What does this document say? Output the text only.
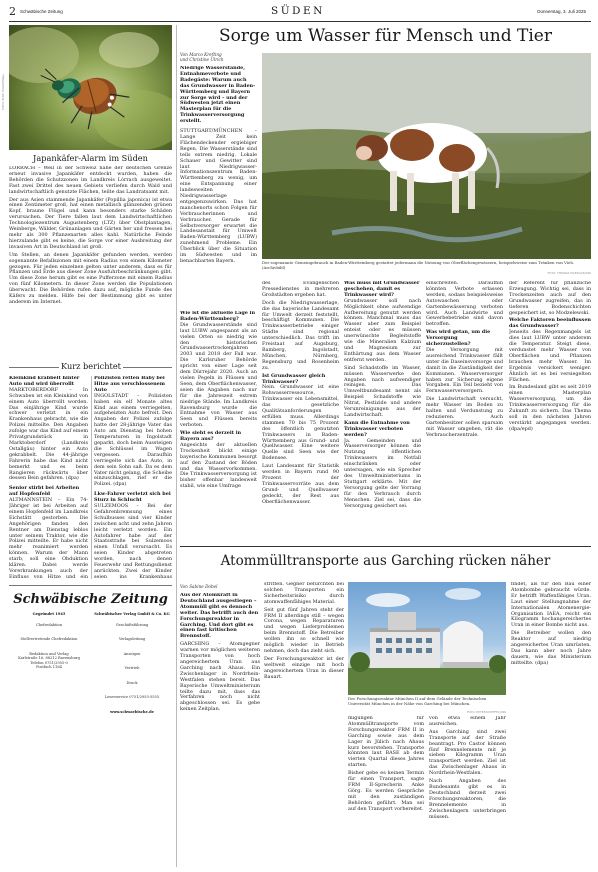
2 Schwäbische Zeitung	SÜDEN	Donnerstag, 3. Juli 2025
FOTO: ELKE STAIGER/dpa
Japankäfer-Alarm im Süden

LÖRRACH – Weil in der Schweiz nahe der deutschen Grenze erneut invasive Japankäfer entdeckt wurden, haben die Behörden die Schutzzonen im Landkreis Lörrach ausgeweitet. Fast zwei Drittel des neuen Gebiets verliefen durch Wald und landwirtschaftlich genutzte Flächen, teilte das Landratsamt mit.

Der aus Asien stammende Japankäfer (Popillia japonica) ist etwa einen Zentimeter groß, hat einen metallisch glänzenden grünen Kopf, braune Flügel und kann besonders starke Schäden verursachen. Der Tiere fallen laut dem Landwirtschaftlichen Technologiezentrum Augustenberg (LTZ) über Obstplantagen, Weinberge, Wälder, Grünanlagen und Gärten her und fressen bei mehr als 300 Pflanzenarten alles kahl. Natürliche Feinde hierzulande gibt es keine, die Sorge vor einer Ausbreitung der invasiven Art in Deutschland ist groß.

Um Stellen, an denen Japankäfer gefunden werden, werden sogenannte Befallszonen mit einem Radius von einem Kilometer gezogen. Für jeden einzelnen gelten unter anderem, dass es für Pflanzen und Erde aus dieser Zone Ausfuhrbeschränkungen gibt. Um diese Zone herum gibt es eine Pufferzone mit einem Radius von fünf Kilometern. In dieser Zone werden die Populationen überwacht. Die Behörden rufen dazu auf, mögliche Funde des Käfers zu melden. Hilfe bei der Bestimmung gibt es unter anderem im Internet.

Kurz berichtet
Kleinkind krabbelt hinter Auto und wird überrollt
MARKTOBERDORF – In Schwaben ist ein Kleinkind von einem Auto überrollt worden. Das einjährige Kind wurde schwer verletzt in ein Krankenhaus gebracht, wie die Polizei mitteilte. Den Angaben zufolge war das Kind auf einem Privatgrundstück in Marktoberdorf (Landkreis Ostallgäu) hinter ein Auto gekrabbelt. Die 44-jährige Fahrerin habe das Kind nicht bemerkt und es beim Rangieren rückwärts über dessen Bein gefahren. (dpa)
Senior stirbt bei Arbeiten auf Hopfenfeld
ALTMANNSTEIN – Ein 74-Jähriger ist bei Arbeiten auf einem Hopfenfeld im Landkreis Eichstätt gestorben. Die Angehörigen fanden den Rentner am Dienstag leblos unter seinem Traktor, wie die Polizei mitteilte. Er habe nicht mehr reanimiert werden können. Warum der Mann starb, soll eine Obduktion klären. Dabei werde Vorerkrankungen auch der Einfluss von Hitze und ein
Polizisten retten Baby bei Hitze aus verschlossenem Auto
INGOLSTADT – Polizisten haben ein elf Monate altes Kind aus einem verriegelten, aufgeheizten Auto befreit. Den Angaben der Polizei zufolge hatte der 28-jährige Vater das Auto am Dienstag bei hohen Temperaturen in Ingolstadt geparkt, doch beim Aussteigen die Schlüssel im Wagen vergessen. Daraufhin verriegelte sich das Auto, in dem sein Sohn saß. Da es dem Vater nicht gelang, die Scheibe einzuschlagen, rief er die Polizei. (dpa)
Lkw-Fahrer verletzt sich bei Sturz in Schlucht
SULZEMOOS – Bei der Gefahrenbremsung eines Schulbusses sind vier Kinder zwischen acht und zehn Jahren leicht verletzt worden. Ein Autofahrer habe auf der Staatsstraße bei Sulzemoos einen Unfall verursacht. Es seien Kinder abgetreten worden, nach denen Feuerwehr und Rettungsdienst anrückten. Zwei der Kinder seien ins Krankenhaus
Schwäbische Zeitung
Gegründet 1945
Chefredaktion
Stellvertretende Chefredaktion
Redaktion und Verlag
Karlstraße 16, 88212 Ravensburg
Telefon 0751/2955-0
Postfach 1164
Schwäbischer Verlag GmbH & Co. KG
Geschäftsführung
Verlagsleitung
Anzeigen
Vertrieb
Druck
Leserservice 0751/2955-5555
www.schwaebische.de
Sorge um Wasser für Mensch und Tier
Von Marco Krefting
und Christine Ulrich
Niedrige Wasserstände, Entnahmeverbote und Badegäste: Warum auch das Grundwasser in Baden-Württemberg und Bayern zur Sorge wird – und der Südwesten jetzt einen Masterplan für die Trinkwasserversorgung erstellt.
STUTTGART/MÜNCHEN – Lange Zeit kein Flächendeckender ergiebiger Regen. Die Wasserstände sind teils extrem niedrig. Lokale Schauer und Gewitter sind laut Niedrigwasser-Informationszentrum Baden-Württemberg zu wenig, um eine Entspannung einer landesweiten Niedrigwasserlage entgegenzuwirken. Das hat manchenorts schon Folgen für Verbraucherinnen und Verbraucher. Gerade für Selbstversorger erwartet die Landesanstalt für Umwelt Baden-Württemberg (LUBW) zunehmend Probleme. Ein Überblick über die Situation im Südwesten und im benachbarten Bayern.	Der sogenannte Gemeingebrauch in Baden-Württemberg gestattet jedermann die Nutzung von Oberflächengewässern, beispielsweise zum Tränken von Vieh. (Archivbild)
FOTO: THOMAS WARNACK/DPA
Wie ist die aktuelle Lage in Baden-Württemberg?
Die Grundwasserstände sind laut LUBW angespannt als an vielen Orten so niedrig wie den historischen Grundwassertrockenjahren 2003 und 2018 der Fall war. Die Karlsruher Behörde spricht von einer Lage seit dem Dürrejahr 2020. Auch an vielen Pegeln in Flüssen und Seen, dem Oberflächenwasser, seien die Angaben nach nur für die Jahreszeit extrem niedrige Stände. Im Landkreis Ravensburg wurde die Entnahme von Wasser aus Seen und Flüssen bereits verboten.
Wie sieht es derzeit in Bayern aus?
Angesichts der aktuellen Trockenheit blickt einige bayerische Kommunen besorgt auf den Zustand der Böden und das Wasservorkommen. Die Trinkwasserversorgung ist bisher offenbar landesweit stabil, wie eine Umfrage
des Evangelischen Pressedienstes in mehreren Großstädten ergeben hat.
Doch die Niedrigwasserlage, die das bayerische Landesamt für Umwelt derzeit feststellt, beschäftigt Kommunen. Die Trinkwasserbetriebe einiger Städte sind regional unterschiedlich. Das trifft im Freistaat auf Augsburg, Bamberg, Ingolstadt, München, Nürnberg, Regensburg und Rosenheim zu.
Ist Grundwasser gleich Trinkwasser?
Nein. Grundwasser ist eine Rohwasserressource, Trinkwasser ein Lebensmittel, das gesetzliche Qualitätsanforderungen erfüllen muss. Allerdings stammen 70 bis 75 Prozent des öffentlich genutzten Trinkwassers in Baden-Württemberg aus Grund- und Quellwasser. Eine weitere Quelle sind Seen wie der Bodensee.
Laut Landesamt für Statistik werden in Bayern rund 90 Prozent der Trinkwasservorräte aus dem Grund- und Quellwasser gedeckt, der Rest aus Oberflächenwasser.
Was muss mit Grundwasser geschehen, damit es Trinkwasser wird?
Grundwasser soll nach Möglichkeit ohne aufwendige Aufbereitung genutzt werden können. Manchmal muss das Wasser aber zum Beispiel enteist oder es müssen unerwünschte Begleitstoffe wie die Mineralien Kalzium und Magnesium zur Enthärtung aus dem Wasser entfernt werden.
Sind Schadstoffe im Wasser, müssen Wasserwerke den Angaben nach aufwendiger reinigen. Das Umweltbundesamt nennt als Beispiel Schadstoffe wie Nitrat, Pestizide und andere Verunreinigungen aus der Landwirtschaft.
Kann die Entnahme von Trinkwasser verboten werden?
Ja. Gemeinden und Wasserversorger können die Nutzung öffentlichen Trinkwassers im Notfall einschränken oder untersagen, wie ein Sprecher des Umweltministeriums in Stuttgart erklärte. Mit der Versorgung gelte der Vorrang für den Verbrauch durch Menschen. Ziel sei, dass die Versorgung gesichert sei.
einschreiten. Daraufhin könnten Verbote erlassen werden, sodass beispielsweise Autowaschen oder Gartenbewässerung verboten wird. Auch Landwirte und Gewerbebetriebe sind davon betroffen.
Was wird getan, um die Versorgung sicherzustellen?
Die Versorgung mit ausreichend Trinkwasser fällt unter die Daseinsvorsorge und damit in die Zuständigkeit der Kommunen. Wasserversorger haben zur Sicherung eigene Vorgaben. Ein Teil bezieht von Fernwasserversorgern.
Die Landwirtschaft versucht, mehr Wasser im Boden zu halten und Verdunstung zu reduzieren. Auch Gartenbesitzer sollen sparsam mit Wasser umgehen, rät die Verbraucherzentrale.
der Referent für pflanzliche Erzeugung. Wichtig sei, dass in Trockenzeiten auch auf den Grundwasser zugreifen, das in tieferen Bodenschichten gespeichert ist, so Modzelewski.
Welche Faktoren beeinflussen das Grundwasser?
Jenseits des Regenmangels ist dies laut LUBW unter anderem die Temperatur. Steigt diese, verdunstet mehr Wasser von Oberflächen und Pflanzen brauchen mehr Wasser. Im Ergebnis versickert weniger. Ähnlich ist es bei versiegelten Flächen.
Im Bundesland gibt es seit 2019 einen Masterplan Wasserversorgung, um die Trinkwasserversorgung für die Zukunft zu sichern. Das Thema soll in den nächsten Jahren verstärkt angegangen werden. (dpa/epd)
Atommülltransporte aus Garching rücken näher
Von Sabine Dobel
Aus der Atomkraft in Deutschland ausgestiegen – Atommüll gibt es dennoch weiter. Das betrifft auch den Forschungsreaktor in Garching. Und dort gibt es einen fast kritischen Brennstoff.
GARCHING – Atomgegner warnen vor möglichen weiteren Transporten von hoch angereichertem Uran aus Garching nach Ahaus. Ein Zwischenlager in Nordrhein-Westfalen stehen bereit. Das Bayerische Umweltministerium teilte dazu mit, dass das Verfahren noch nicht abgeschlossen sei. Es gebe keinen Zeitplan.
stritten. Gegner befürchten bei solchen Transporten ein Sicherheitsrisiko durch atomwaffenfähiges Material.
Seit gut fünf Jahren steht der FRM II allerdings still – wegen Corona, wegen Reparaturen und wegen Lieferproblemen beim Brennstoff. Die Betreiber wollen ihn so schnell wie möglich wieder in Betrieb nehmen, doch das zieht sich.
Der Forschungsreaktor ist der weltweit einzige mit hoch angereichertem Uran in dieser Bauart.
Der Forschungsreaktor München II auf dem Gelände der Technischen Universität München in der Nähe von Garching bei München.
FOTO: PETER KNEFFEL/DPA
migungen für Atommülltransporte vom Forschungsreaktor FRM II in Garching sowie aus dem Lager in Jülich nach Ahaus kurz bevorstehen. Transporte könnten laut BASE ab dem vierten Quartal dieses Jahres starten.
Bisher gebe es keinen Termin für einen Transport, sagte FRM II-Sprecherin Anke Görg. Es werden Gespräche mit den zuständigen Behörden geführt. Man sei auf den Transport vorbereitet.
von etwa einem Jahr ausreichen.
Aus Garching sind zwei Transporte auf der Straße beantragt. Pro Castor können fünf Brennelemente mit je sieben Kilogramm Uran transportiert werden. Ziel ist das Zwischenlager Ahaus in Nordrhein-Westfalen.
Nach Angaben des Bundesamts gibt es in Deutschland derzeit zwei Forschungsreaktoren, die Brennelemente in Zwischenlagern unterbringen müssen.
findet, als für den Bau einer Atombombe gebraucht würde. Er betrifft Waffenfähiges Uran. Laut einer Stellungnahme der Internationalen Atomenergie-Organisation IAEA, reicht ein Kilogramm hochangereichertes Uran in einer Bombe nicht aus.
Die Betreiber wollen den Reaktor auf niedrig angereichertes Uran umrüsten. Das kann aber noch Jahre dauern, wie das Ministerium mitteilte. (dpa)
